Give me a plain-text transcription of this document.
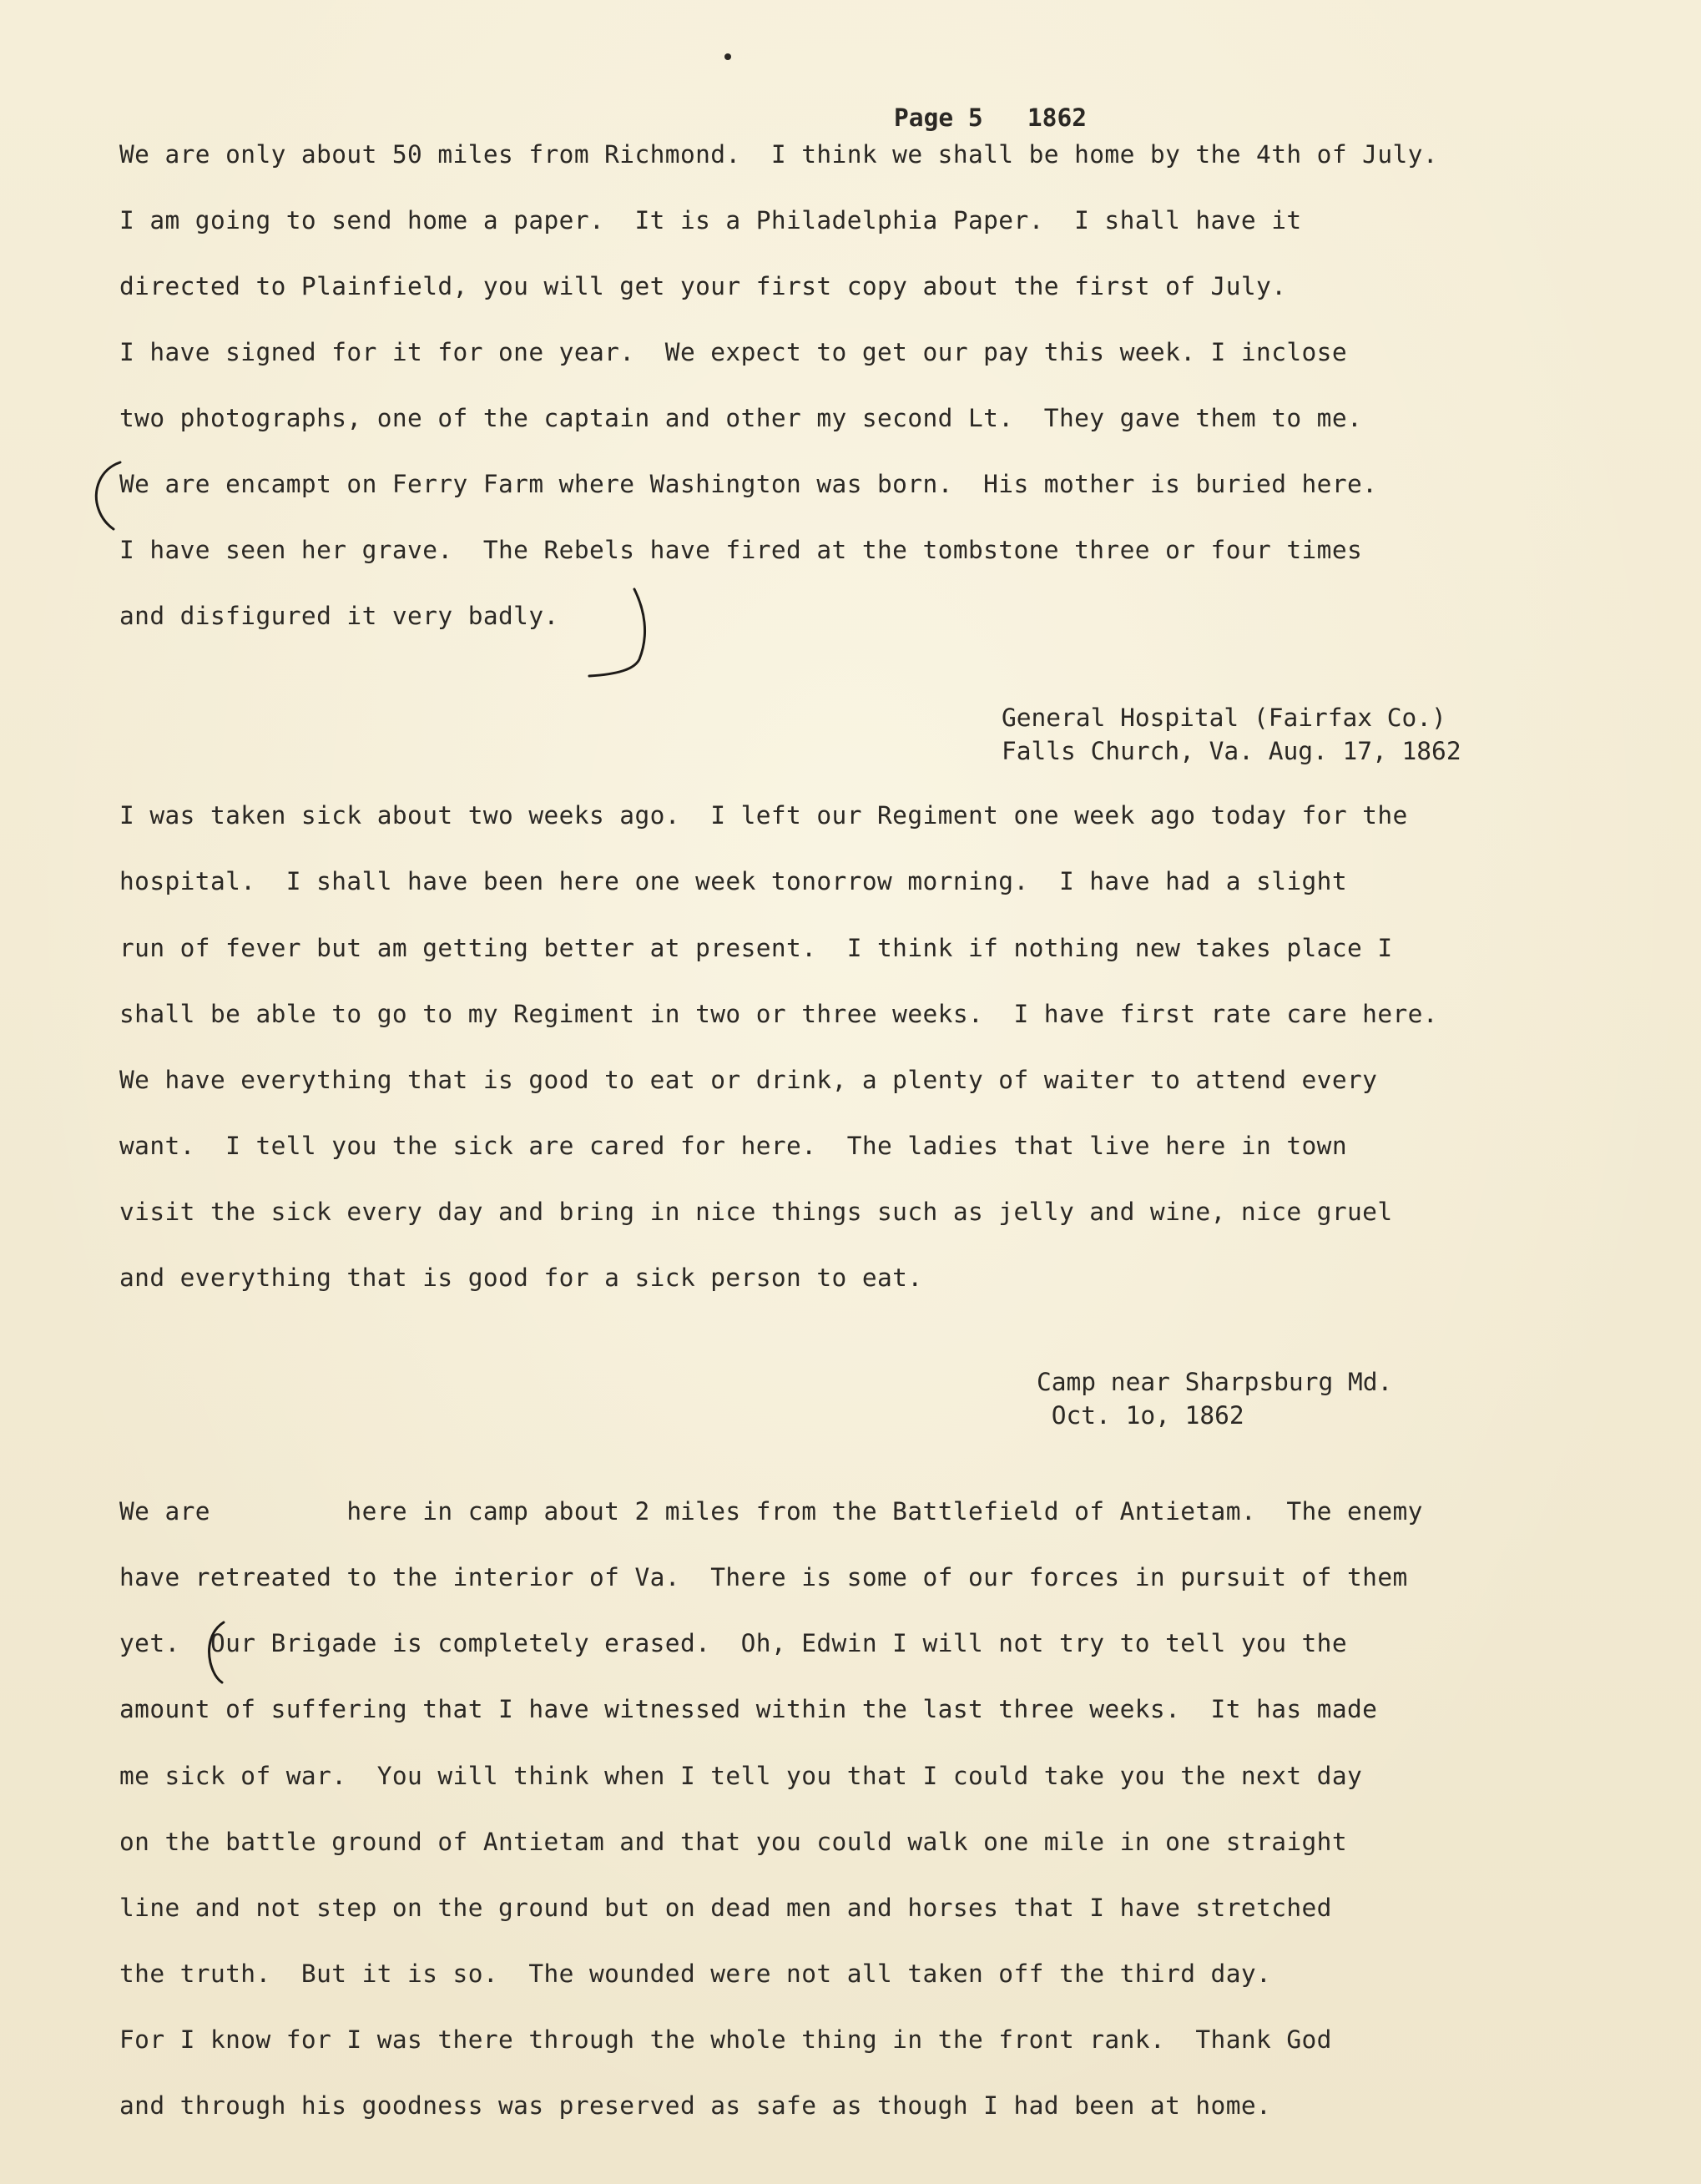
Page 5 1862

We are only about 50 miles from Richmond.  I think we shall be home by the 4th of July.
I am going to send home a paper.  It is a Philadelphia Paper.  I shall have it
directed to Plainfield, you will get your first copy about the first of July.
I have signed for it for one year.  We expect to get our pay this week. I inclose
two photographs, one of the captain and other my second Lt.  They gave them to me.
We are encampt on Ferry Farm where Washington was born.  His mother is buried here.
I have seen her grave.  The Rebels have fired at the tombstone three or four times
and disfigured it very badly.
General Hospital (Fairfax Co.)
Falls Church, Va. Aug. 17, 1862
I was taken sick about two weeks ago.  I left our Regiment one week ago today for the
hospital.  I shall have been here one week tonorrow morning.  I have had a slight
run of fever but am getting better at present.  I think if nothing new takes place I
shall be able to go to my Regiment in two or three weeks.  I have first rate care here.
We have everything that is good to eat or drink, a plenty of waiter to attend every
want.  I tell you the sick are cared for here.  The ladies that live here in town
visit the sick every day and bring in nice things such as jelly and wine, nice gruel
and everything that is good for a sick person to eat.
Camp near Sharpsburg Md.
Oct. 1o, 1862
We are         here in camp about 2 miles from the Battlefield of Antietam.  The enemy
have retreated to the interior of Va.  There is some of our forces in pursuit of them
yet.  Our Brigade is completely erased.  Oh, Edwin I will not try to tell you the
amount of suffering that I have witnessed within the last three weeks.  It has made
me sick of war.  You will think when I tell you that I could take you the next day
on the battle ground of Antietam and that you could walk one mile in one straight
line and not step on the ground but on dead men and horses that I have stretched
the truth.  But it is so.  The wounded were not all taken off the third day.
For I know for I was there through the whole thing in the front rank.  Thank God
and through his goodness was preserved as safe as though I had been at home.
